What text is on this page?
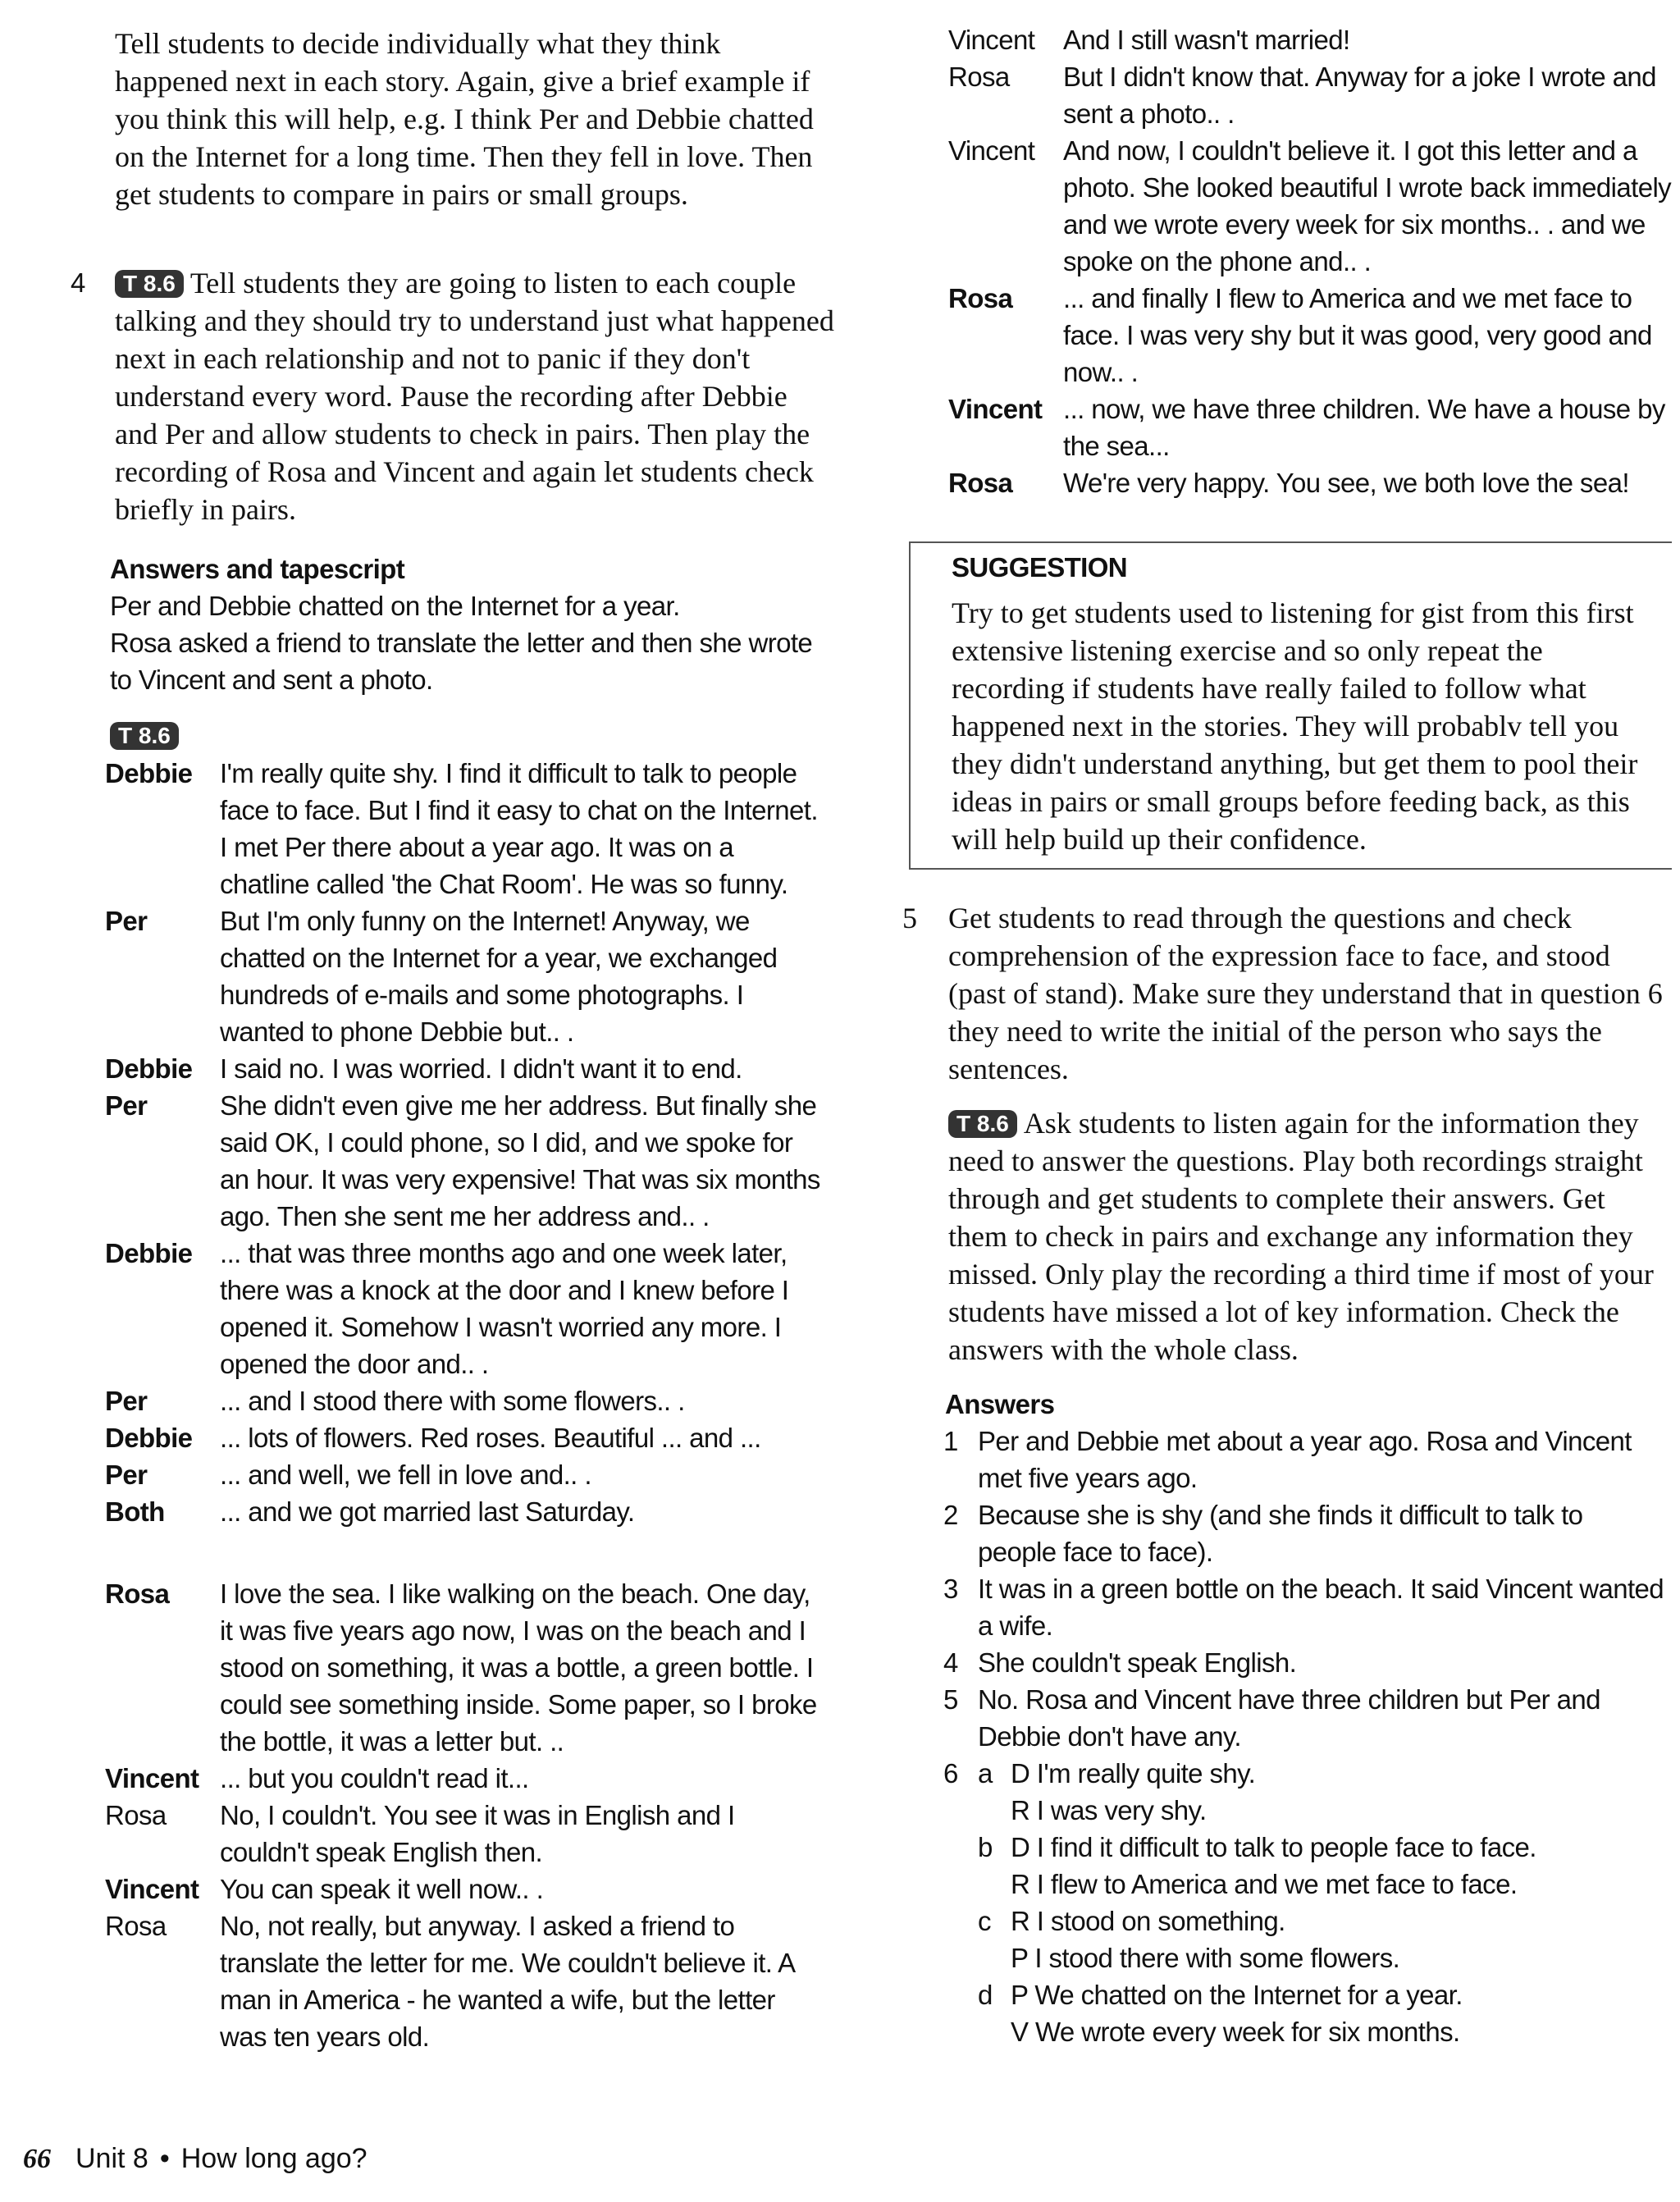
Tell students to decide individually what they think happened next in each story. Again, give a brief example if you think this will help, e.g. I think Per and Debbie chatted on the Internet for a long time. Then they fell in love. Then get students to compare in pairs or small groups.

4	T 8.6 Tell students they are going to listen to each couple talking and they should try to understand just what happened next in each relationship and not to panic if they don't understand every word. Pause the recording after Debbie and Per and allow students to check in pairs. Then play the recording of Rosa and Vincent and again let students check briefly in pairs.

Answers and tapescript

Per and Debbie chatted on the Internet for a year.

Rosa asked a friend to translate the letter and then she wrote to Vincent and sent a photo.

T 8.6
Debbie	I'm really quite shy. I find it difficult to talk to people face to face. But I find it easy to chat on the Internet. I met Per there about a year ago. It was on a chatline called 'the Chat Room'. He was so funny.
Per	But I'm only funny on the Internet! Anyway, we chatted on the Internet for a year, we exchanged hundreds of e-mails and some photographs. I wanted to phone Debbie but.. .
Debbie	I said no. I was worried. I didn't want it to end.
Per	She didn't even give me her address. But finally she said OK, I could phone, so I did, and we spoke for an hour. It was very expensive! That was six months ago. Then she sent me her address and.. .
Debbie	... that was three months ago and one week later, there was a knock at the door and I knew before I opened it. Somehow I wasn't worried any more. I opened the door and.. .
Per	... and I stood there with some flowers.. .
Debbie	... lots of flowers. Red roses. Beautiful ... and ...
Per	... and well, we fell in love and.. .
Both	... and we got married last Saturday.
Rosa	I love the sea. I like walking on the beach. One day, it was five years ago now, I was on the beach and I stood on something, it was a bottle, a green bottle. I could see something inside. Some paper, so I broke the bottle, it was a letter but. ..
Vincent ... but you couldn't read it...
Rosa	No, I couldn't. You see it was in English and I couldn't speak English then.
Vincent You can speak it well now.. .
Rosa	No, not really, but anyway. I asked a friend to translate the letter for me. We couldn't believe it. A man in America - he wanted a wife, but the letter was ten years old.
Vincent	And I still wasn't married!
Rosa	But I didn't know that. Anyway for a joke I wrote and sent a photo.. .
Vincent	And now, I couldn't believe it. I got this letter and a photo. She looked beautiful I wrote back immediately and we wrote every week for six months.. . and we spoke on the phone and.. .
Rosa	... and finally I flew to America and we met face to face. I was very shy but it was good, very good and now.. .
Vincent ... now, we have three children. We have a house by the sea...
Rosa	We're very happy. You see, we both love the sea!
SUGGESTION

Try to get students used to listening for gist from this first extensive listening exercise and so only repeat the recording if students have really failed to follow what happened next in the stories. They will probablv tell you they didn't understand anything, but get them to pool their ideas in pairs or small groups before feeding back, as this will help build up their confidence.

5 Get students to read through the questions and check comprehension of the expression face to face, and stood (past of stand). Make sure they understand that in question 6 they need to write the initial of the person who says the sentences.

T 8.6 Ask students to listen again for the information they need to answer the questions. Play both recordings straight through and get students to complete their answers. Get them to check in pairs and exchange any information they missed. Only play the recording a third time if most of your students have missed a lot of key information. Check the answers with the whole class.

Answers
1 Per and Debbie met about a year ago. Rosa and Vincent met five years ago.
2 Because she is shy (and she finds it difficult to talk to people face to face).
3 It was in a green bottle on the beach. It said Vincent wanted a wife.
4 She couldn't speak English.
5 No. Rosa and Vincent have three children but Per and Debbie don't have any.
6 a D I'm really quite shy.
R I was very shy.
b D I find it difficult to talk to people face to face.
R I flew to America and we met face to face.
c R I stood on something.
P I stood there with some flowers.
d P We chatted on the Internet for a year.
V We wrote every week for six months.
66 Unit 8 • How long ago?
